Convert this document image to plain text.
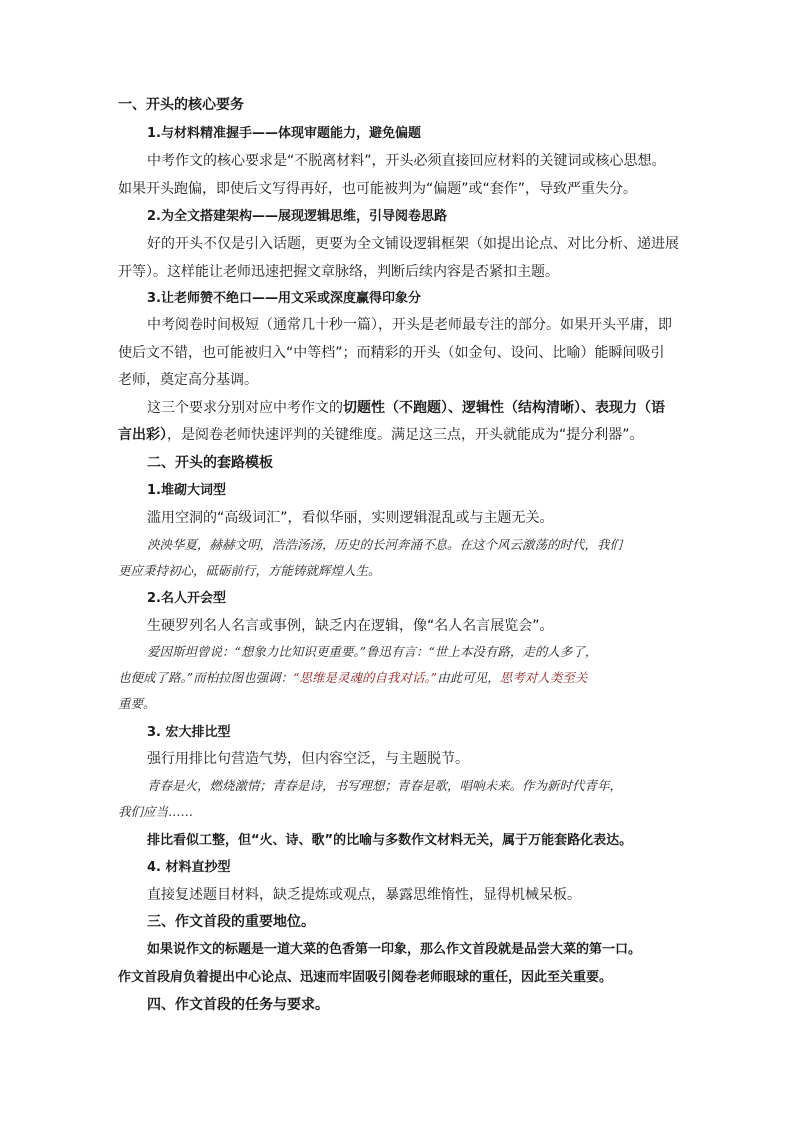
一、开头的核心要务
1.与材料精准握手——体现审题能力，避免偏题
中考作文的核心要求是“不脱离材料”，开头必须直接回应材料的关键词或核心思想。
如果开头跑偏，即使后文写得再好，也可能被判为“偏题”或“套作”，导致严重失分。
2.为全文搭建架构——展现逻辑思维，引导阅卷思路
好的开头不仅是引入话题，更要为全文铺设逻辑框架（如提出论点、对比分析、递进展
开等）。这样能让老师迅速把握文章脉络，判断后续内容是否紧扣主题。
3.让老师赞不绝口——用文采或深度赢得印象分
中考阅卷时间极短（通常几十秒一篇），开头是老师最专注的部分。如果开头平庸，即
使后文不错，也可能被归入“中等档”；而精彩的开头（如金句、设问、比喻）能瞬间吸引
老师，奠定高分基调。
这三个要求分别对应中考作文的切题性（不跑题）、逻辑性（结构清晰）、表现力（语
言出彩），是阅卷老师快速评判的关键维度。满足这三点，开头就能成为“提分利器”。
二、开头的套路模板
1.堆砌大词型
滥用空洞的“高级词汇”，看似华丽，实则逻辑混乱或与主题无关。
泱泱华夏，赫赫文明，浩浩汤汤，历史的长河奔涌不息。在这个风云激荡的时代，我们
更应秉持初心，砥砺前行，方能铸就辉煌人生。
2.名人开会型
生硬罗列名人名言或事例，缺乏内在逻辑，像“名人名言展览会”。
爱因斯坦曾说：“想象力比知识更重要。”鲁迅有言：“世上本没有路，走的人多了，
也便成了路。”而柏拉图也强调：“思维是灵魂的自我对话。”由此可见，思考对人类至关
重要。
3. 宏大排比型
强行用排比句营造气势，但内容空泛，与主题脱节。
青春是火，燃烧激情；青春是诗，书写理想；青春是歌，唱响未来。作为新时代青年，
我们应当……
排比看似工整，但“火、诗、歌”的比喻与多数作文材料无关，属于万能套路化表达。
4. 材料直抄型
直接复述题目材料，缺乏提炼或观点，暴露思维惰性，显得机械呆板。
三、作文首段的重要地位。
如果说作文的标题是一道大菜的色香第一印象，那么作文首段就是品尝大菜的第一口。
作文首段肩负着提出中心论点、迅速而牢固吸引阅卷老师眼球的重任，因此至关重要。
四、作文首段的任务与要求。
